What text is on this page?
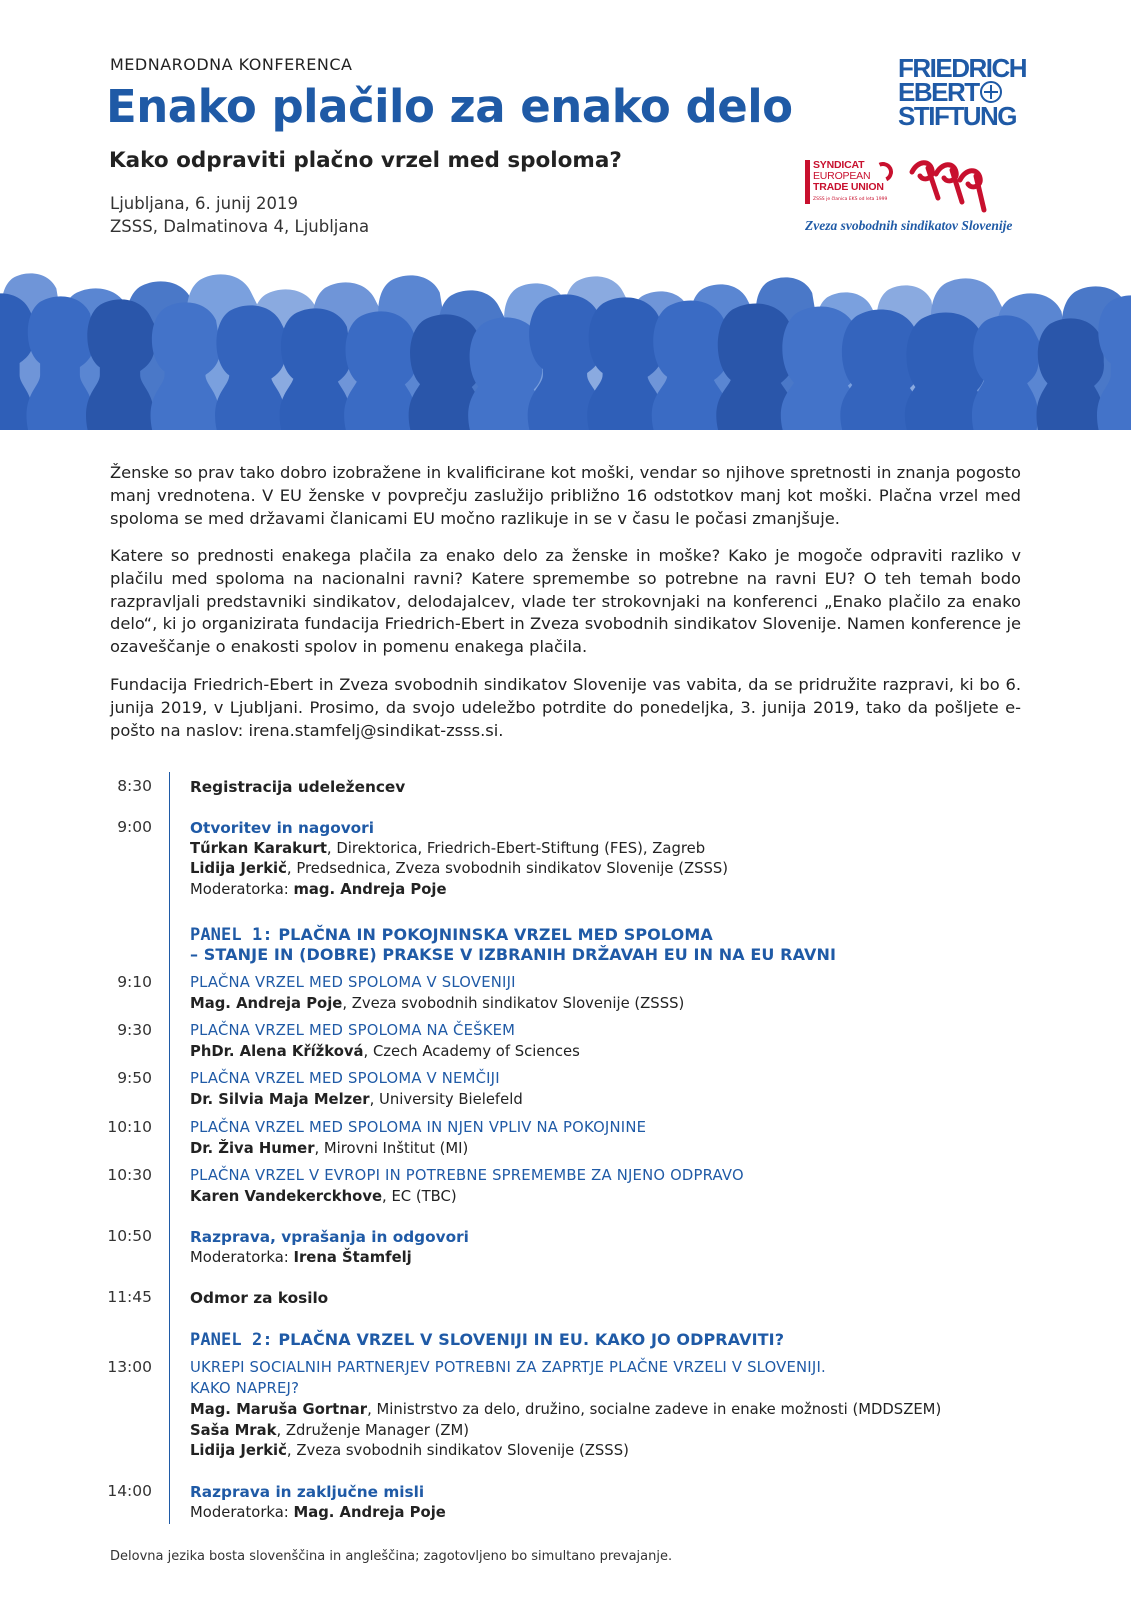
MEDNARODNA KONFERENCA
Enako plačilo za enako delo
Kako odpraviti plačno vrzel med spoloma?
Ljubljana, 6. junij 2019
ZSSS, Dalmatinova 4, Ljubljana
FRIEDRICH
EBERT
STIFTUNG
SYNDICAT
EUROPEAN
TRADE UNION
ZSSS je članica EKS od leta 1999
Zveza svobodnih sindikatov Slovenije

Ženske so prav tako dobro izobražene in kvalificirane kot moški, vendar so njihove spretnosti in znanja pogosto manj vrednotena. V EU ženske v povprečju zaslužijo približno 16 odstotkov manj kot moški. Plačna vrzel med spoloma se med državami članicami EU močno razlikuje in se v času le počasi zmanjšuje.

Katere so prednosti enakega plačila za enako delo za ženske in moške? Kako je mogoče odpraviti razliko v plačilu med spoloma na nacionalni ravni? Katere spremembe so potrebne na ravni EU? O teh temah bodo razpravljali predstavniki sindikatov, delodajalcev, vlade ter strokovnjaki na konferenci „Enako plačilo za enako delo“, ki jo organizirata fundacija Friedrich-Ebert in Zveza svobodnih sindikatov Slovenije. Namen konference je ozaveščanje o enakosti spolov in pomenu enakega plačila.

Fundacija Friedrich-Ebert in Zveza svobodnih sindikatov Slovenije vas vabita, da se pridružite razpravi, ki bo 6. junija 2019, v Ljubljani. Prosimo, da svojo udeležbo potrdite do ponedeljka, 3. junija 2019, tako da pošljete e-pošto na naslov: irena.stamfelj@sindikat-zsss.si.

8:30 Registracija udeležencev
9:00 Otvoritev in nagovori
Tűrkan Karakurt, Direktorica, Friedrich-Ebert-Stiftung (FES), Zagreb
Lidija Jerkič, Predsednica, Zveza svobodnih sindikatov Slovenije (ZSSS)
Moderatorka: mag. Andreja Poje
PANEL 1: PLAČNA IN POKOJNINSKA VRZEL MED SPOLOMA
– STANJE IN (DOBRE) PRAKSE V IZBRANIH DRŽAVAH EU IN NA EU RAVNI
9:10	PLAČNA VRZEL MED SPOLOMA V SLOVENIJI
Mag. Andreja Poje, Zveza svobodnih sindikatov Slovenije (ZSSS)
9:30	PLAČNA VRZEL MED SPOLOMA NA ČEŠKEM
PhDr. Alena Křížková, Czech Academy of Sciences
9:50	PLAČNA VRZEL MED SPOLOMA V NEMČIJI
Dr. Silvia Maja Melzer, University Bielefeld
10:10	PLAČNA VRZEL MED SPOLOMA IN NJEN VPLIV NA POKOJNINE
Dr. Živa Humer, Mirovni Inštitut (MI)
10:30	PLAČNA VRZEL V EVROPI IN POTREBNE SPREMEMBE ZA NJENO ODPRAVO
Karen Vandekerckhove, EC (TBC)
10:50 Razprava, vprašanja in odgovori
Moderatorka: Irena Štamfelj
11:45 Odmor za kosilo
PANEL 2: PLAČNA VRZEL V SLOVENIJI IN EU. KAKO JO ODPRAVITI?
13:00	UKREPI SOCIALNIH PARTNERJEV POTREBNI ZA ZAPRTJE PLAČNE VRZELI V SLOVENIJI.
KAKO NAPREJ?
Mag. Maruša Gortnar, Ministrstvo za delo, družino, socialne zadeve in enake možnosti (MDDSZEM)
Saša Mrak, Združenje Manager (ZM)
Lidija Jerkič, Zveza svobodnih sindikatov Slovenije (ZSSS)
14:00 Razprava in zaključne misli
Moderatorka: Mag. Andreja Poje
Delovna jezika bosta slovenščina in angleščina; zagotovljeno bo simultano prevajanje.
